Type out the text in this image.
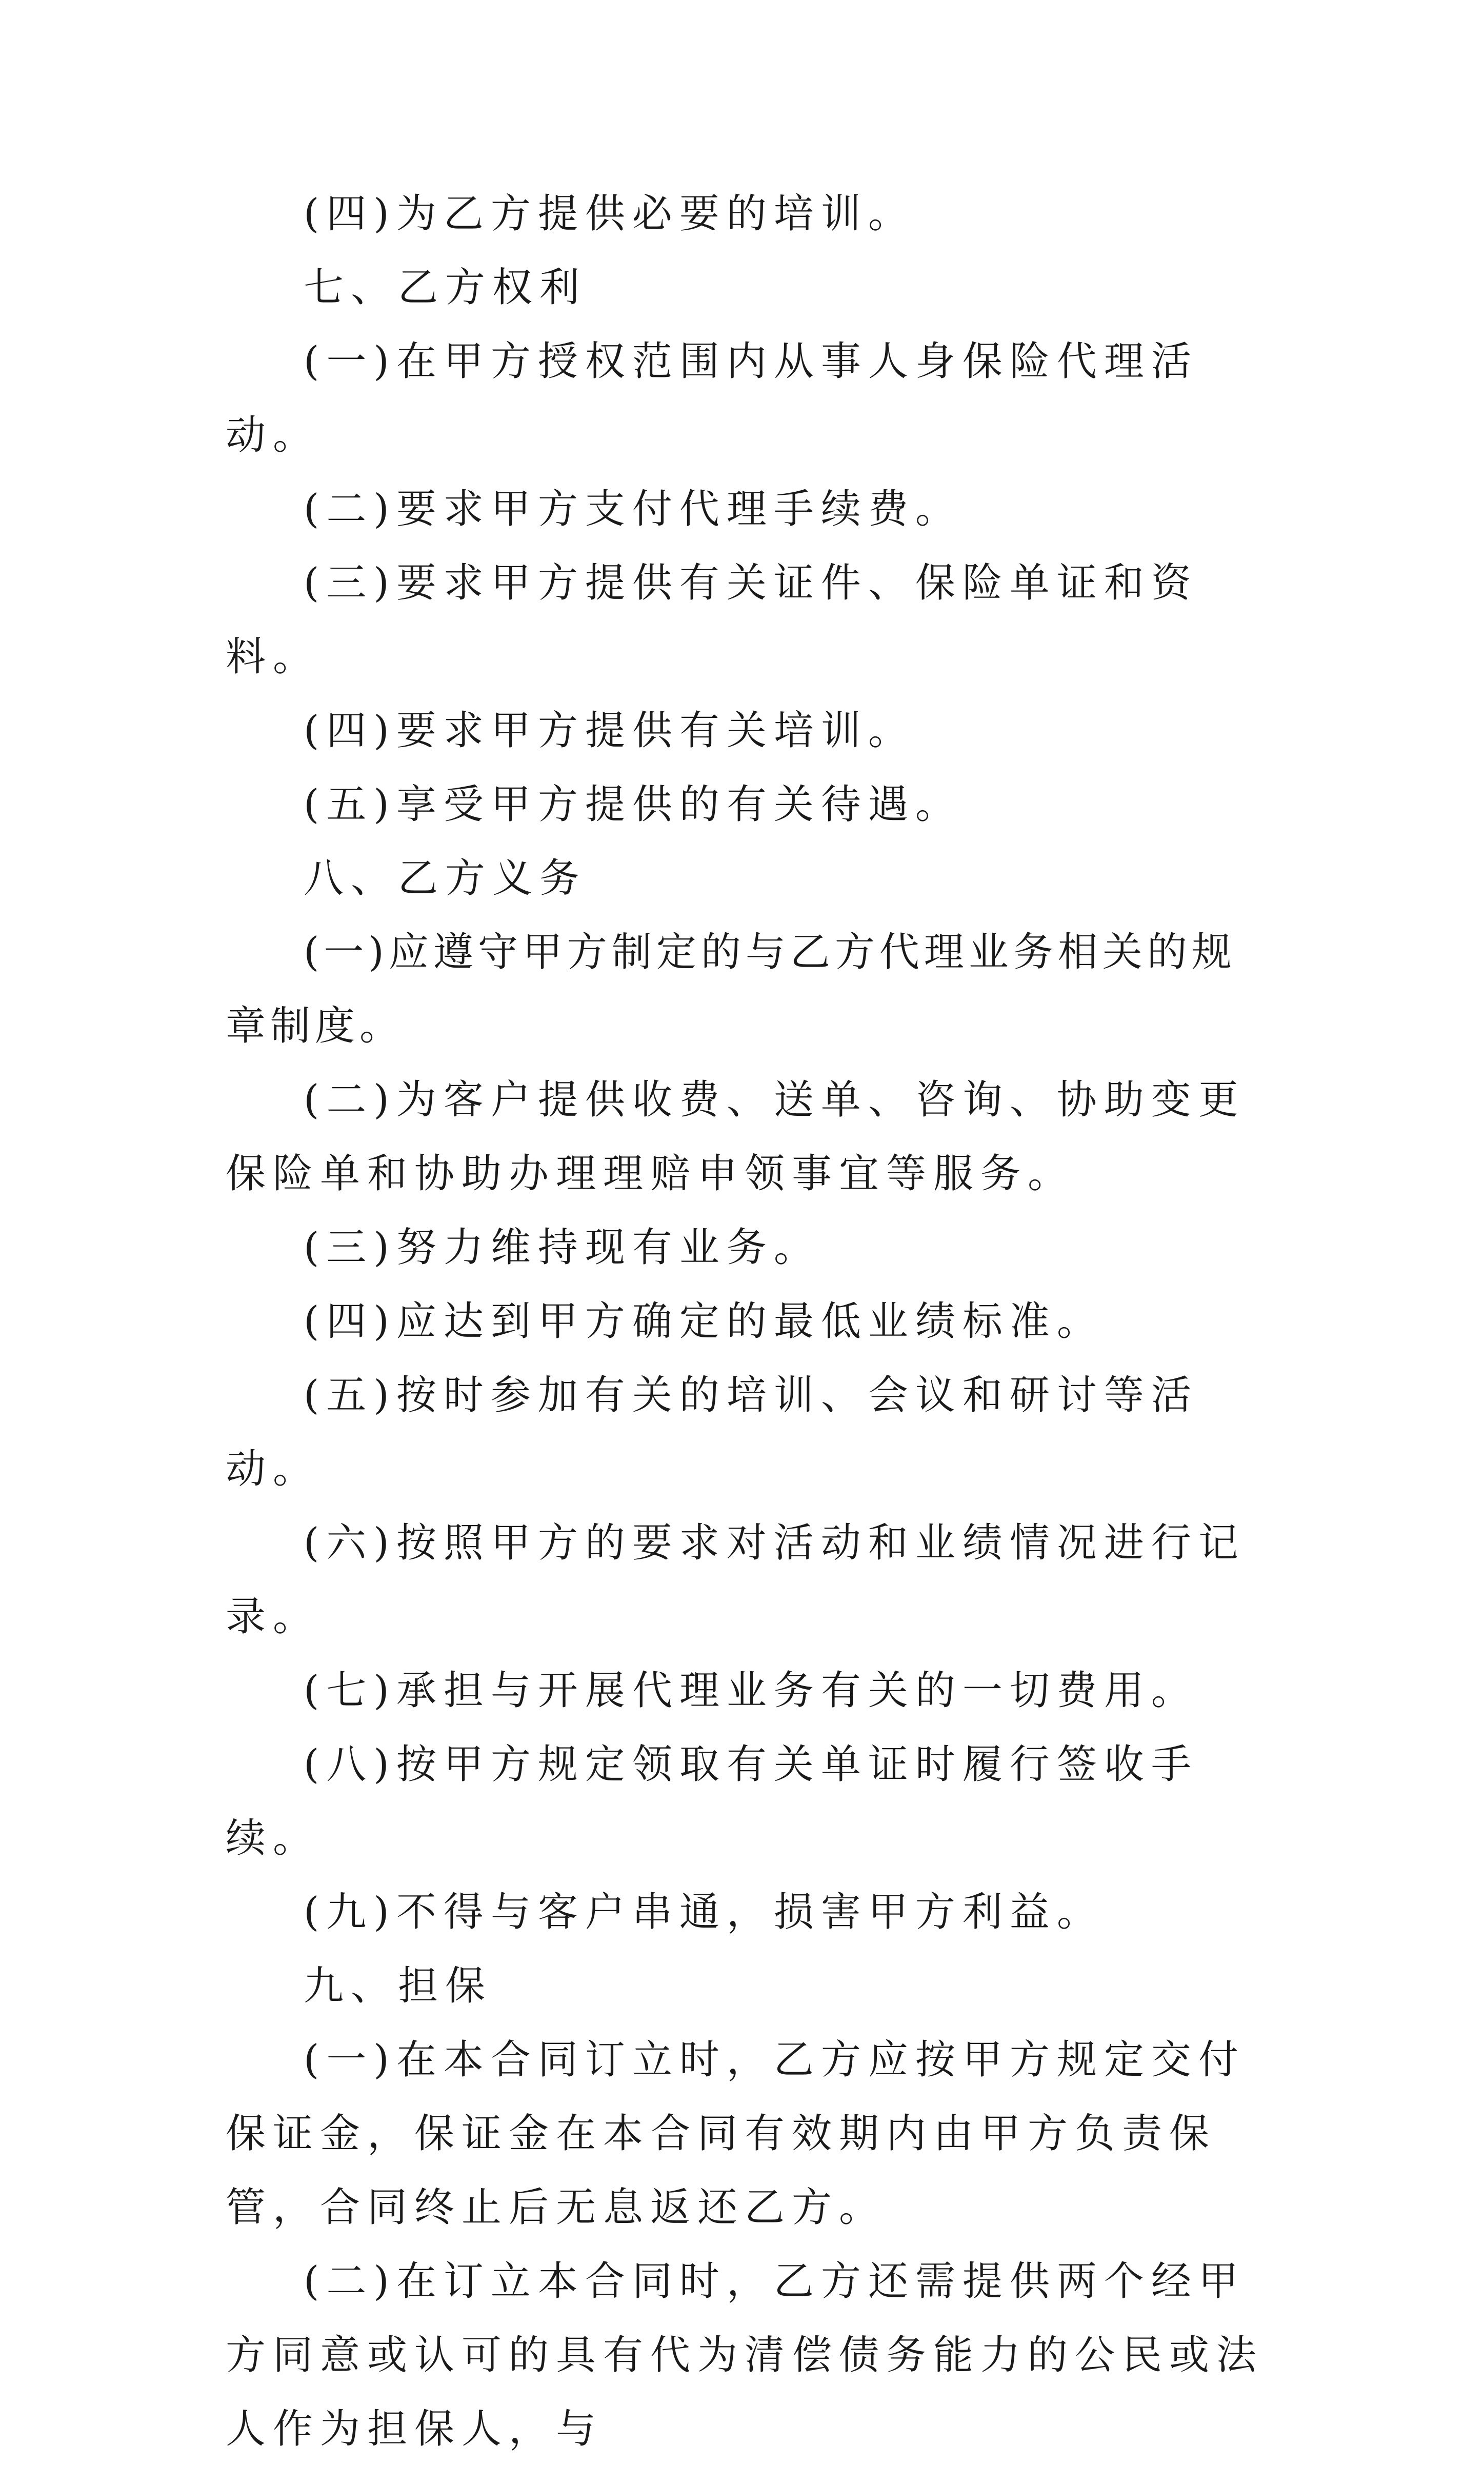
(四)为乙方提供必要的培训。

七、乙方权利

(一)在甲方授权范围内从事人身保险代理活动。

(二)要求甲方支付代理手续费。

(三)要求甲方提供有关证件、保险单证和资料。

(四)要求甲方提供有关培训。

(五)享受甲方提供的有关待遇。

八、乙方义务

(一)应遵守甲方制定的与乙方代理业务相关的规章制度。

(二)为客户提供收费、送单、咨询、协助变更保险单和协助办理理赔申领事宜等服务。

(三)努力维持现有业务。

(四)应达到甲方确定的最低业绩标准。

(五)按时参加有关的培训、会议和研讨等活动。

(六)按照甲方的要求对活动和业绩情况进行记录。

(七)承担与开展代理业务有关的一切费用。

(八)按甲方规定领取有关单证时履行签收手续。

(九)不得与客户串通，损害甲方利益。

九、担保

(一)在本合同订立时，乙方应按甲方规定交付保证金，保证金在本合同有效期内由甲方负责保管，合同终止后无息返还乙方。

(二)在订立本合同时，乙方还需提供两个经甲方同意或认可的具有代为清偿债务能力的公民或法人作为担保人，与
